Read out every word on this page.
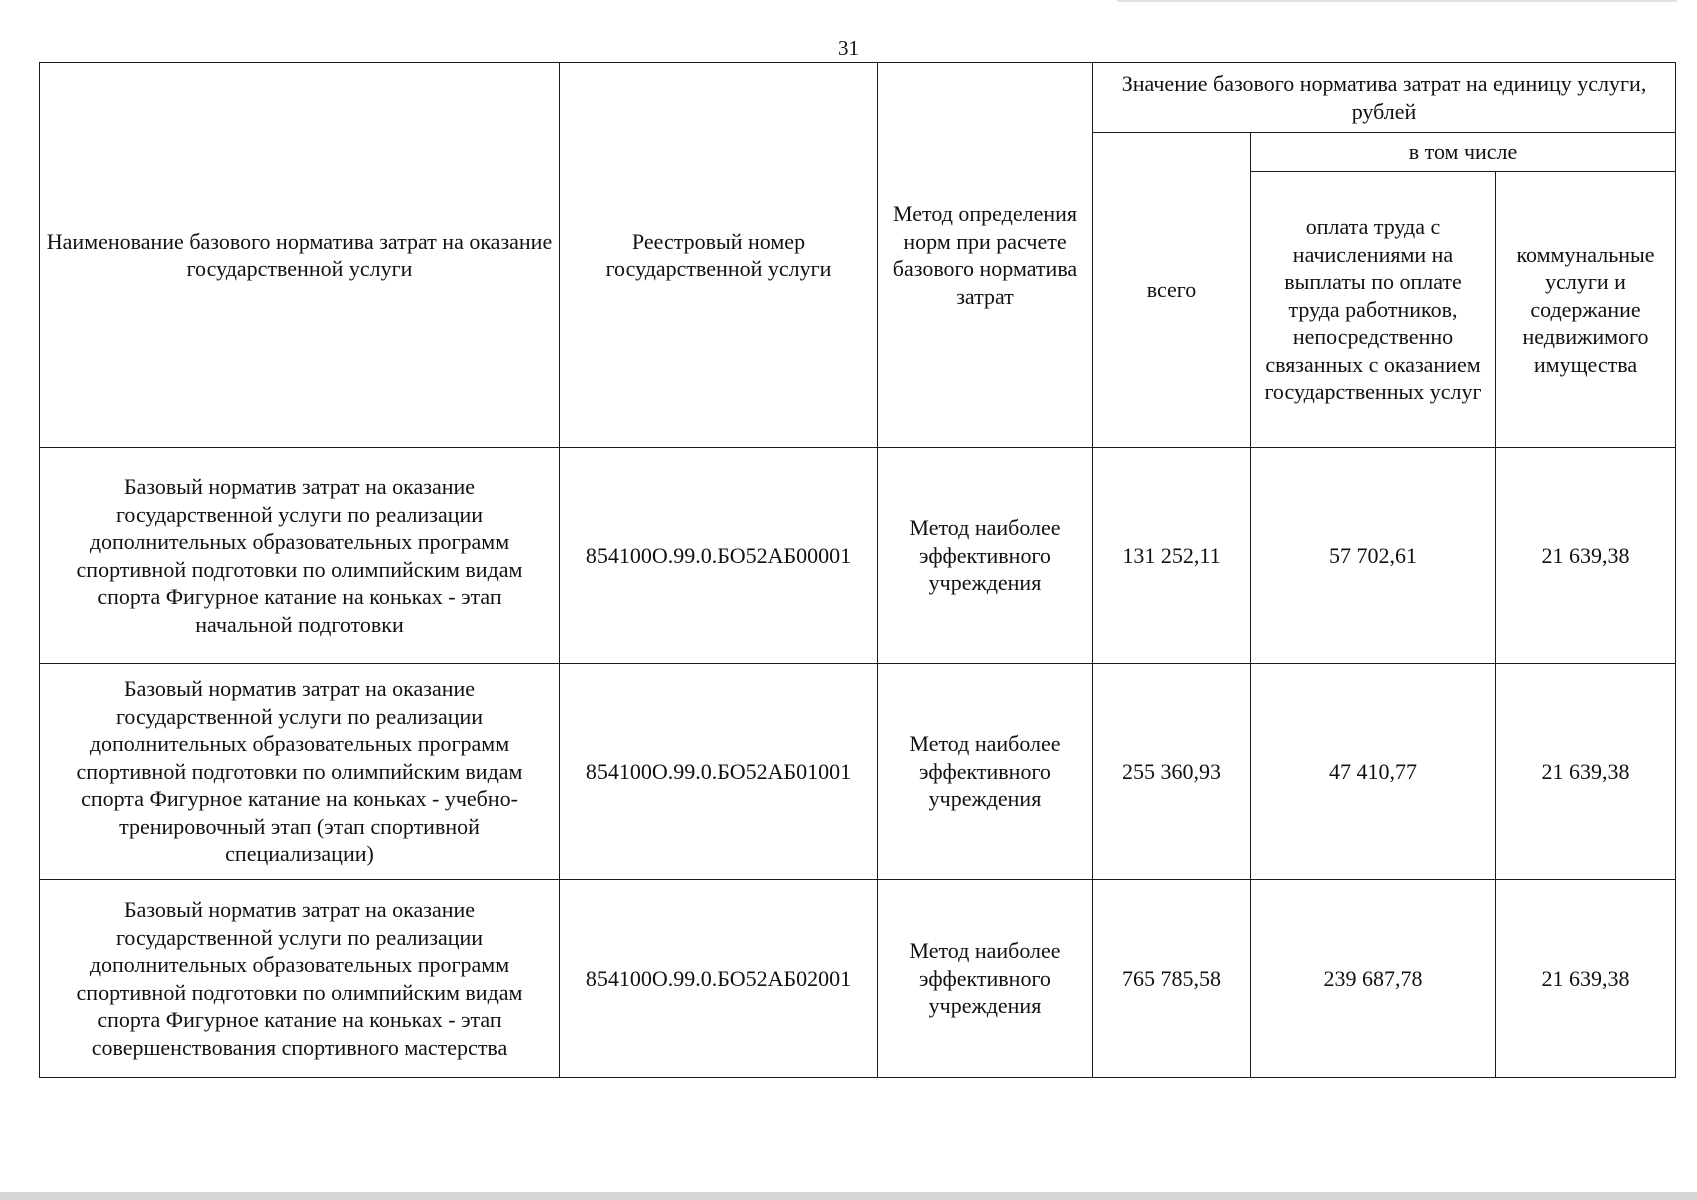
31
Наименование базового норматива затрат на оказание государственной услуги	Реестровый номер государственной услуги	Метод определения норм при расчете базового норматива затрат	Значение базового норматива затрат на единицу услуги, рублей		
			всего	в том числе	
				оплата труда с начислениями на выплаты по оплате труда работников, непосредственно связанных с оказанием государственных услуг	коммунальные услуги и содержание недвижимого имущества
Базовый норматив затрат на оказание государственной услуги по реализации дополнительных образовательных программ спортивной подготовки по олимпийским видам спорта Фигурное катание на коньках - этап начальной подготовки	854100О.99.0.БО52АБ00001	Метод наиболее эффективного учреждения	131 252,11	57 702,61	21 639,38
Базовый норматив затрат на оказание государственной услуги по реализации дополнительных образовательных программ спортивной подготовки по олимпийским видам спорта Фигурное катание на коньках - учебно-тренировочный этап (этап спортивной специализации)	854100О.99.0.БО52АБ01001	Метод наиболее эффективного учреждения	255 360,93	47 410,77	21 639,38
Базовый норматив затрат на оказание государственной услуги по реализации дополнительных образовательных программ спортивной подготовки по олимпийским видам спорта Фигурное катание на коньках - этап совершенствования спортивного мастерства	854100О.99.0.БО52АБ02001	Метод наиболее эффективного учреждения	765 785,58	239 687,78	21 639,38
